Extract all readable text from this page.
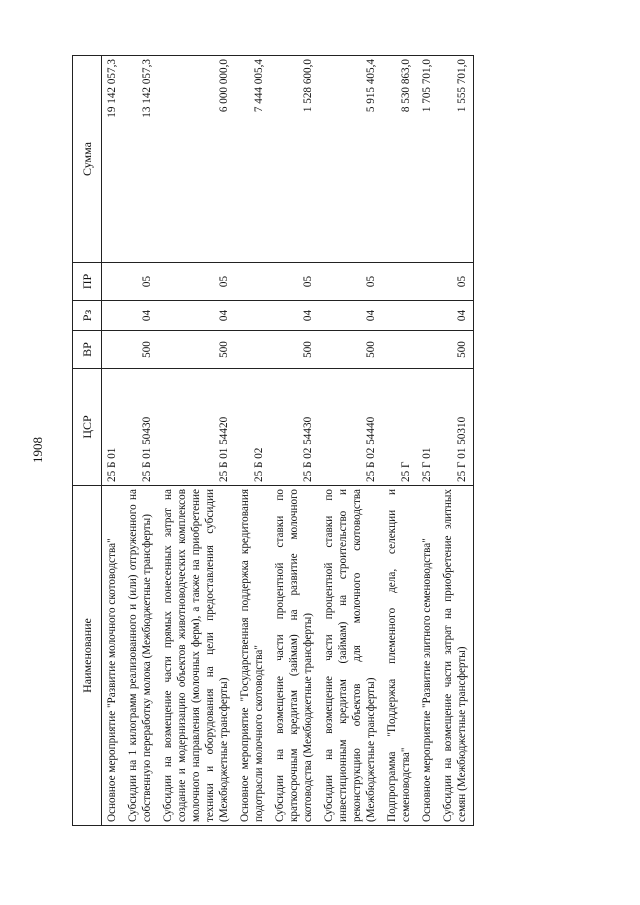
1908
Наименование	ЦСР	ВР	Рз	ПР	Сумма
Основное мероприятие "Развитие молочного скотоводства"	25 Б 01				19 142 057,3
Субсидии на 1 килограмм реализованного и (или) отгруженного на собственную переработку молока (Межбюджетные трансферты)	25 Б 01 50430	500	04	05	13 142 057,3
Субсидии на возмещение части прямых понесенных затрат на создание и модернизацию объектов животноводческих комплексов молочного направления (молочных ферм), а также на приобретение техники и оборудования на цели предоставления субсидии (Межбюджетные трансферты)	25 Б 01 54420	500	04	05	6 000 000,0
Основное мероприятие "Государственная поддержка кредитования подотрасли молочного скотоводства"	25 Б 02				7 444 005,4
Субсидии на возмещение части процентной ставки по краткосрочным кредитам (займам) на развитие молочного скотоводства (Межбюджетные трансферты)	25 Б 02 54430	500	04	05	1 528 600,0
Субсидии на возмещение части процентной ставки по инвестиционным кредитам (займам) на строительство и реконструкцию объектов для молочного скотоводства (Межбюджетные трансферты)	25 Б 02 54440	500	04	05	5 915 405,4
Подпрограмма "Поддержка племенного дела, селекции и семеноводства"	25 Г				8 530 863,0
Основное мероприятие "Развитие элитного семеноводства"	25 Г 01				1 705 701,0
Субсидии на возмещение части затрат на приобретение элитных семян (Межбюджетные трансферты)	25 Г 01 50310	500	04	05	1 555 701,0
